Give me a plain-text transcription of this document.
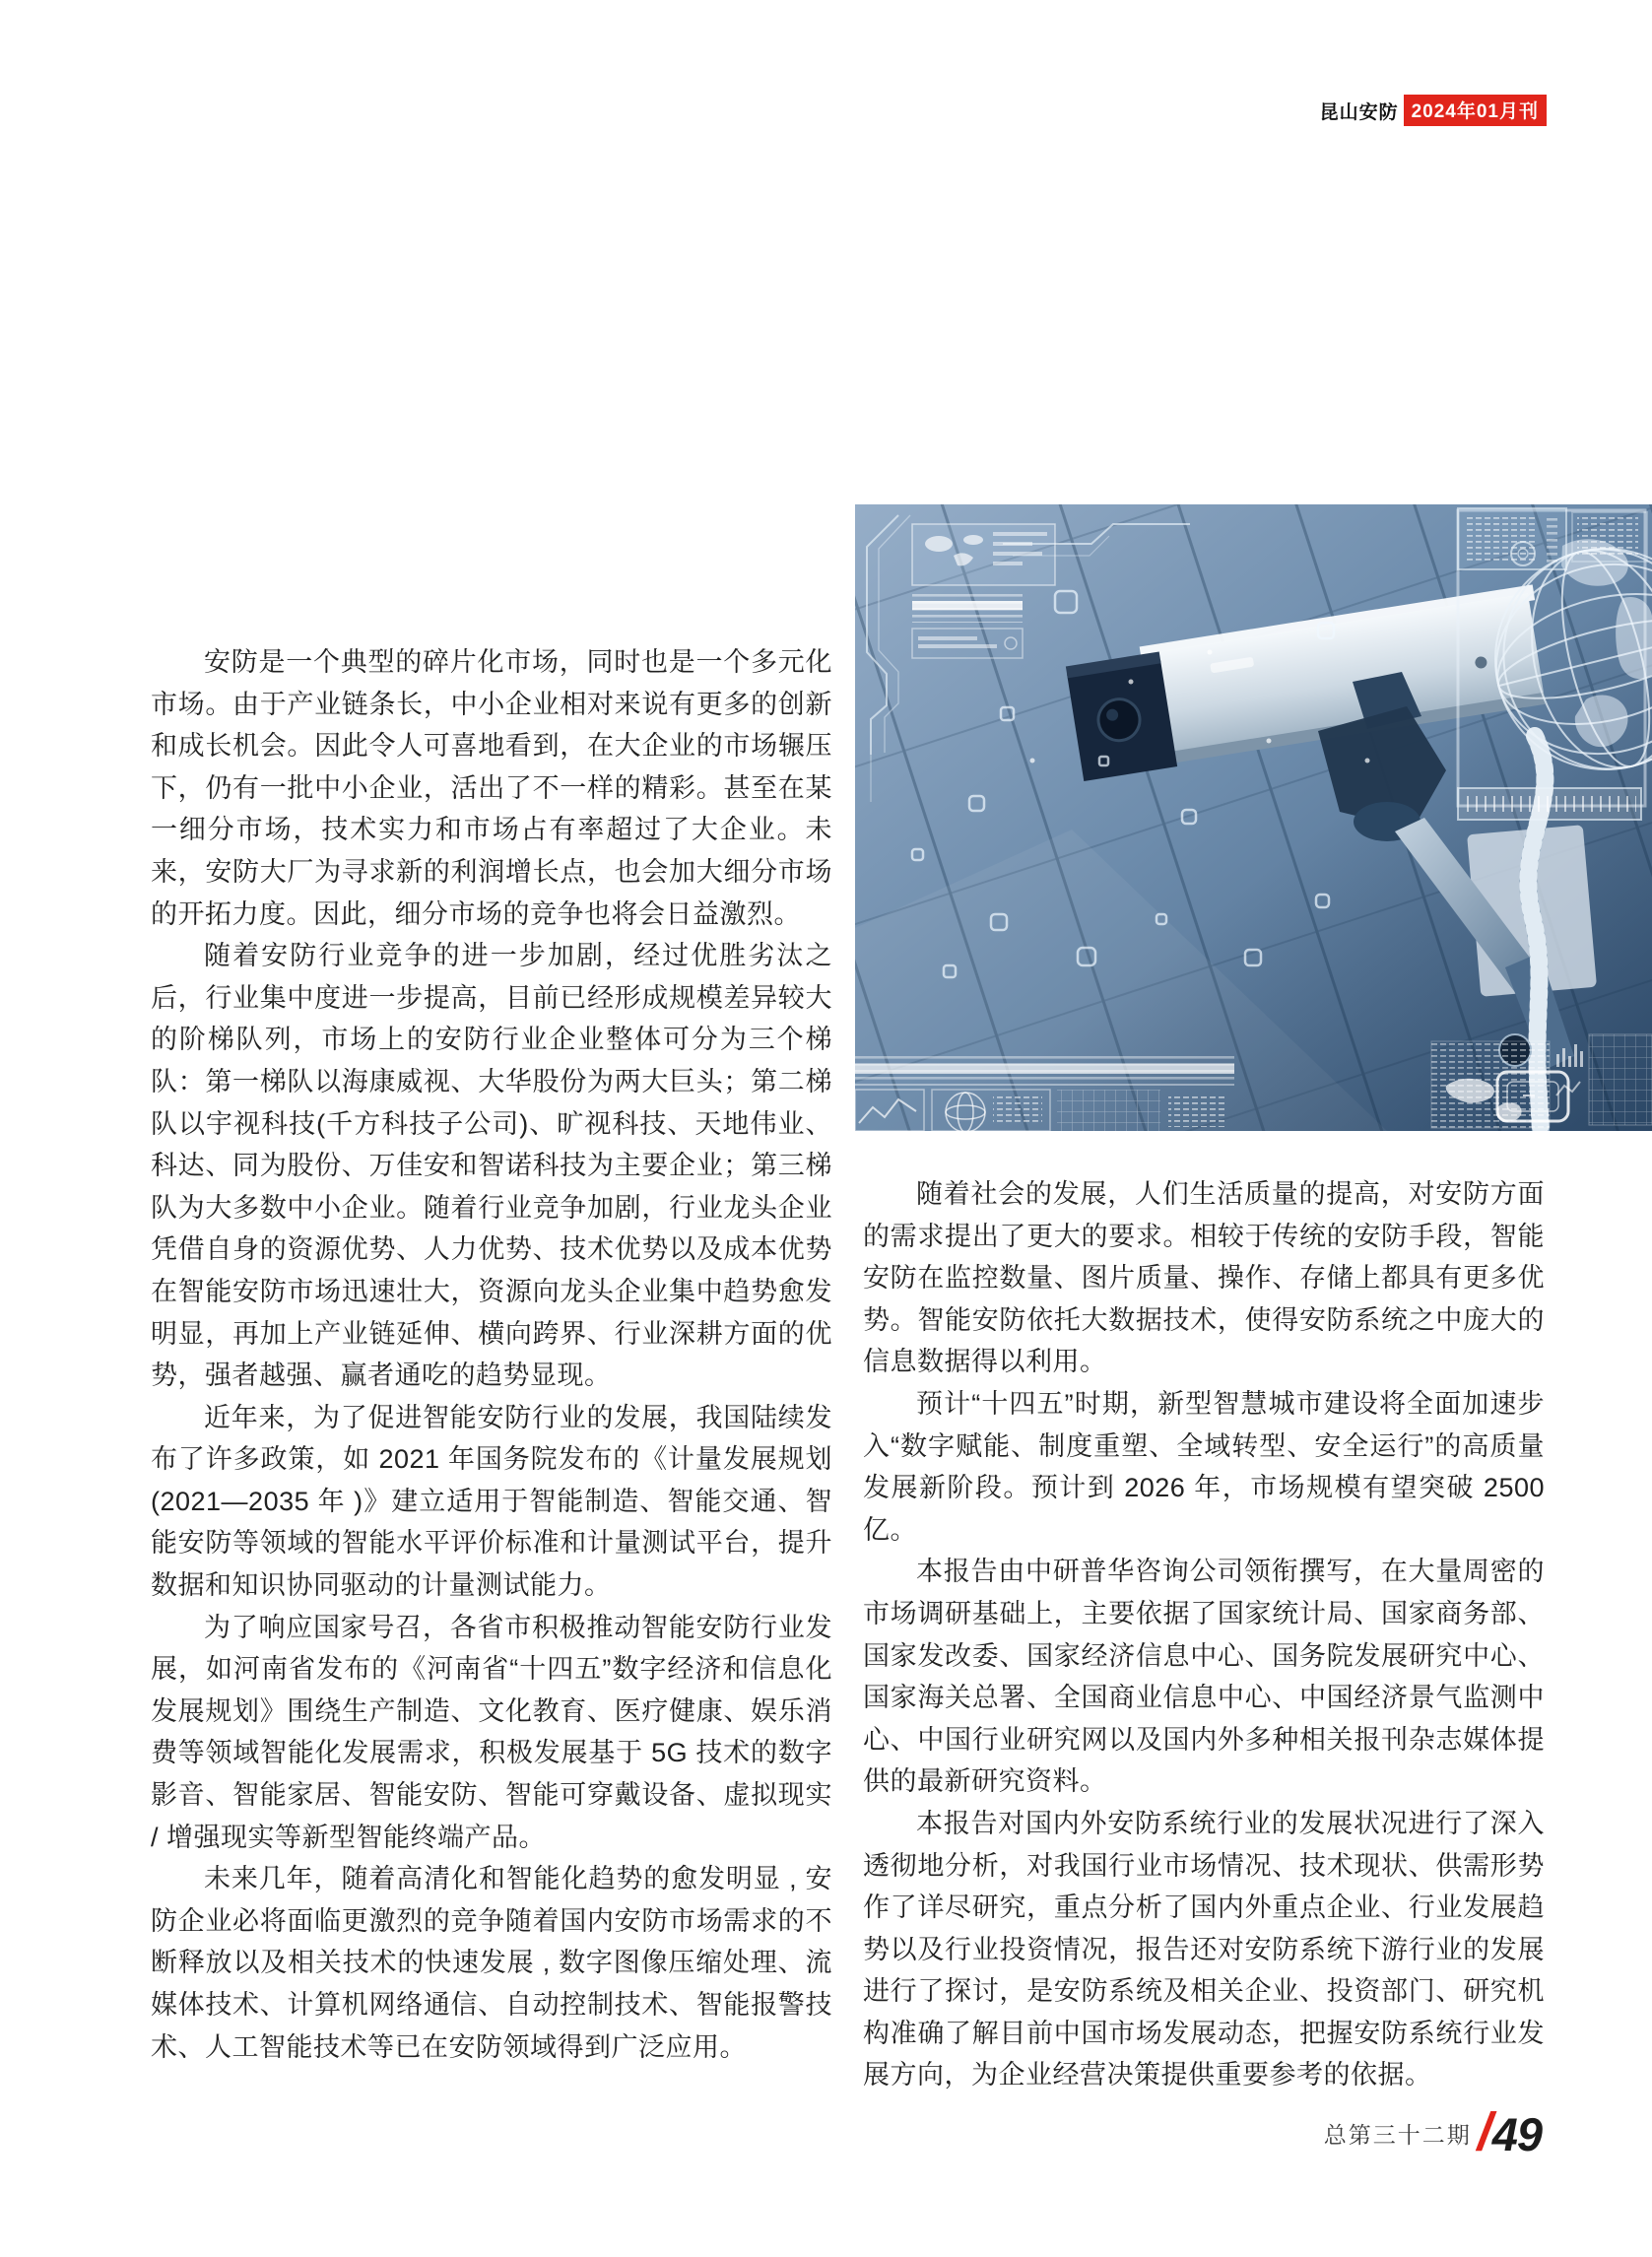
昆山安防 2024年01月刊

安防是一个典型的碎片化市场，同时也是一个多元化市场。由于产业链条长，中小企业相对来说有更多的创新和成长机会。因此令人可喜地看到，在大企业的市场辗压下，仍有一批中小企业，活出了不一样的精彩。甚至在某一细分市场，技术实力和市场占有率超过了大企业。未来，安防大厂为寻求新的利润增长点，也会加大细分市场的开拓力度。因此，细分市场的竞争也将会日益激烈。

随着安防行业竞争的进一步加剧，经过优胜劣汰之后，行业集中度进一步提高，目前已经形成规模差异较大的阶梯队列，市场上的安防行业企业整体可分为三个梯队：第一梯队以海康威视、大华股份为两大巨头；第二梯队以宇视科技(千方科技子公司)、旷视科技、天地伟业、科达、同为股份、万佳安和智诺科技为主要企业；第三梯队为大多数中小企业。随着行业竞争加剧，行业龙头企业凭借自身的资源优势、人力优势、技术优势以及成本优势在智能安防市场迅速壮大，资源向龙头企业集中趋势愈发明显，再加上产业链延伸、横向跨界、行业深耕方面的优势，强者越强、赢者通吃的趋势显现。

近年来，为了促进智能安防行业的发展，我国陆续发布了许多政策，如 2021 年国务院发布的《计量发展规划 (2021—2035 年 )》建立适用于智能制造、智能交通、智能安防等领域的智能水平评价标准和计量测试平台，提升数据和知识协同驱动的计量测试能力。

为了响应国家号召，各省市积极推动智能安防行业发展，如河南省发布的《河南省“十四五”数字经济和信息化发展规划》围绕生产制造、文化教育、医疗健康、娱乐消费等领域智能化发展需求，积极发展基于 5G 技术的数字影音、智能家居、智能安防、智能可穿戴设备、虚拟现实 / 增强现实等新型智能终端产品。

未来几年，随着高清化和智能化趋势的愈发明显 , 安防企业必将面临更激烈的竞争随着国内安防市场需求的不断释放以及相关技术的快速发展 , 数字图像压缩处理、流媒体技术、计算机网络通信、自动控制技术、智能报警技术、人工智能技术等已在安防领域得到广泛应用。

随着社会的发展，人们生活质量的提高，对安防方面的需求提出了更大的要求。相较于传统的安防手段，智能安防在监控数量、图片质量、操作、存储上都具有更多优势。智能安防依托大数据技术，使得安防系统之中庞大的信息数据得以利用。

预计“十四五”时期，新型智慧城市建设将全面加速步入“数字赋能、制度重塑、全域转型、安全运行”的高质量发展新阶段。预计到 2026 年，市场规模有望突破 2500 亿。

本报告由中研普华咨询公司领衔撰写，在大量周密的市场调研基础上，主要依据了国家统计局、国家商务部、国家发改委、国家经济信息中心、国务院发展研究中心、国家海关总署、全国商业信息中心、中国经济景气监测中心、中国行业研究网以及国内外多种相关报刊杂志媒体提供的最新研究资料。

本报告对国内外安防系统行业的发展状况进行了深入透彻地分析，对我国行业市场情况、技术现状、供需形势作了详尽研究，重点分析了国内外重点企业、行业发展趋势以及行业投资情况，报告还对安防系统下游行业的发展进行了探讨，是安防系统及相关企业、投资部门、研究机构准确了解目前中国市场发展动态，把握安防系统行业发展方向，为企业经营决策提供重要参考的依据。

总第三十二期 / 49
